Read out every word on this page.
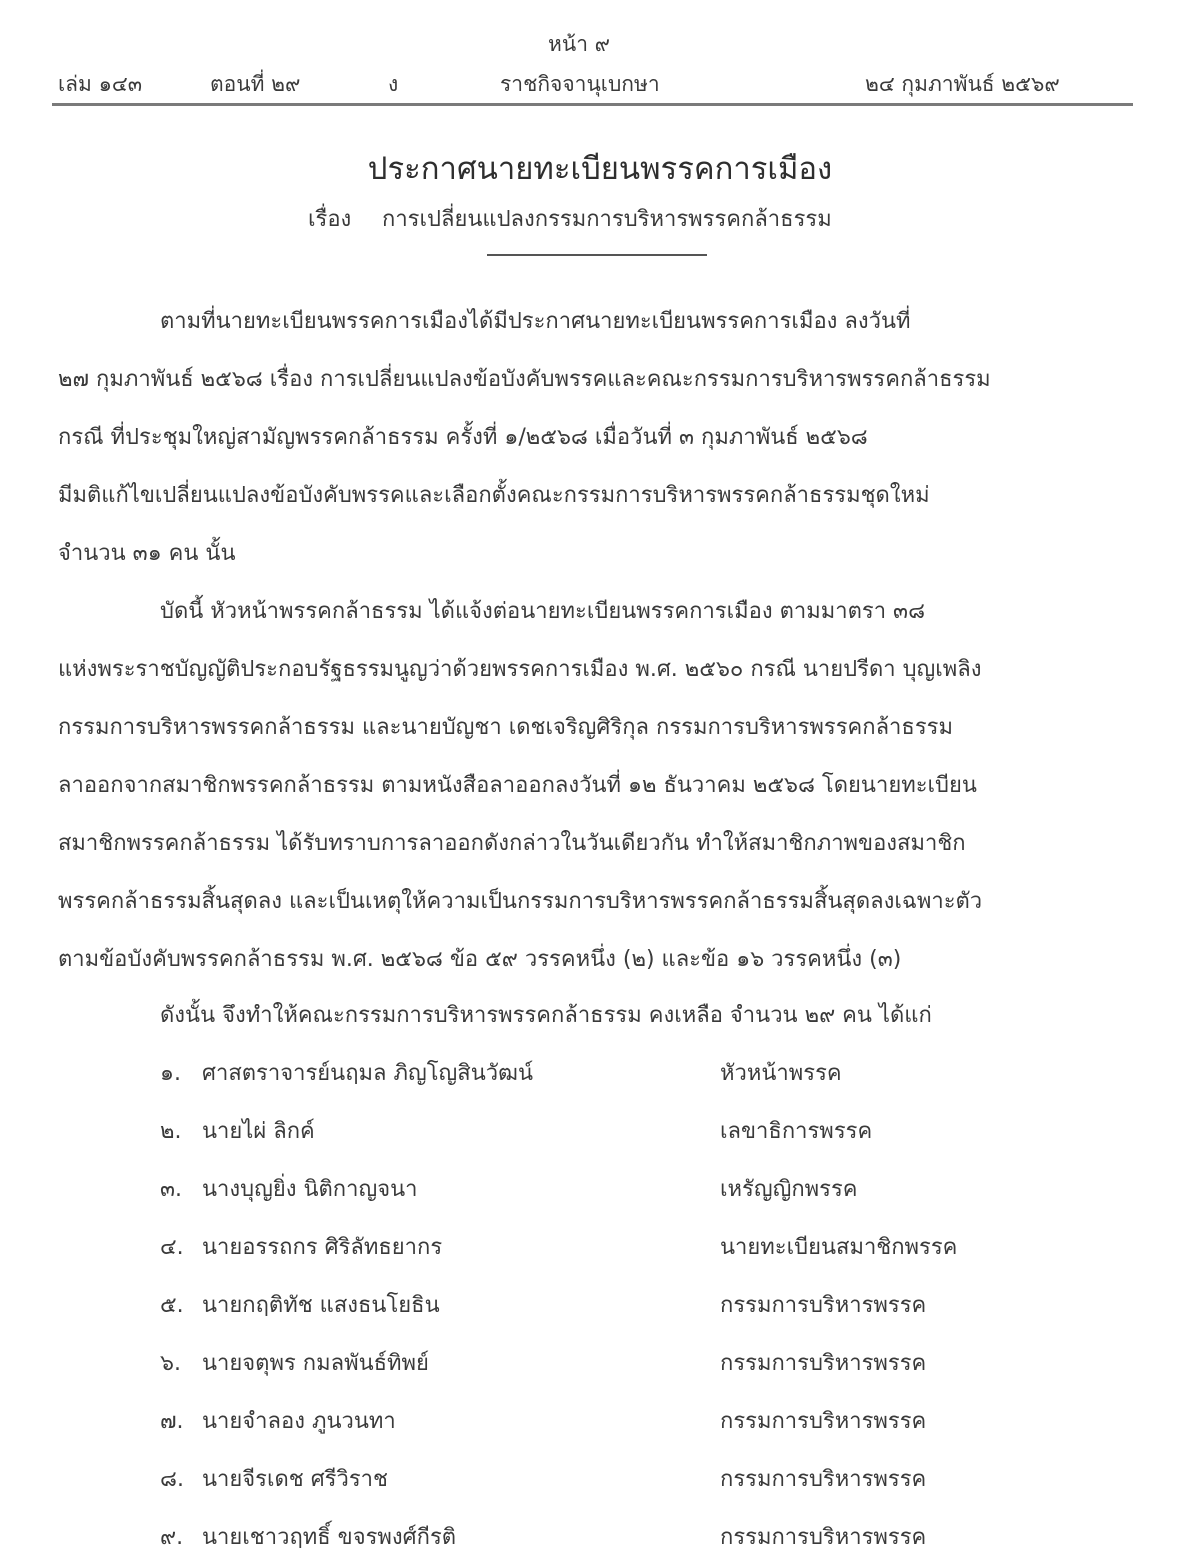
หน้า ๙
เล่ม ๑๔๓	ตอนที่ ๒๙	ง	ราชกิจจานุเบกษา	๒๔ กุมภาพันธ์ ๒๕๖๙
ประกาศนายทะเบียนพรรคการเมือง
เรื่อง การเปลี่ยนแปลงกรรมการบริหารพรรคกล้าธรรม
ตามที่นายทะเบียนพรรคการเมืองได้มีประกาศนายทะเบียนพรรคการเมือง ลงวันที่
๒๗ กุมภาพันธ์ ๒๕๖๘ เรื่อง การเปลี่ยนแปลงข้อบังคับพรรคและคณะกรรมการบริหารพรรคกล้าธรรม
กรณี ที่ประชุมใหญ่สามัญพรรคกล้าธรรม ครั้งที่ ๑/๒๕๖๘ เมื่อวันที่ ๓ กุมภาพันธ์ ๒๕๖๘
มีมติแก้ไขเปลี่ยนแปลงข้อบังคับพรรคและเลือกตั้งคณะกรรมการบริหารพรรคกล้าธรรมชุดใหม่
จำนวน ๓๑ คน นั้น
บัดนี้ หัวหน้าพรรคกล้าธรรม ได้แจ้งต่อนายทะเบียนพรรคการเมือง ตามมาตรา ๓๘
แห่งพระราชบัญญัติประกอบรัฐธรรมนูญว่าด้วยพรรคการเมือง พ.ศ. ๒๕๖๐ กรณี นายปรีดา บุญเพลิง
กรรมการบริหารพรรคกล้าธรรม และนายบัญชา เดชเจริญศิริกุล กรรมการบริหารพรรคกล้าธรรม
ลาออกจากสมาชิกพรรคกล้าธรรม ตามหนังสือลาออกลงวันที่ ๑๒ ธันวาคม ๒๕๖๘ โดยนายทะเบียน
สมาชิกพรรคกล้าธรรม ได้รับทราบการลาออกดังกล่าวในวันเดียวกัน ทำให้สมาชิกภาพของสมาชิก
พรรคกล้าธรรมสิ้นสุดลง และเป็นเหตุให้ความเป็นกรรมการบริหารพรรคกล้าธรรมสิ้นสุดลงเฉพาะตัว
ตามข้อบังคับพรรคกล้าธรรม พ.ศ. ๒๕๖๘ ข้อ ๕๙ วรรคหนึ่ง (๒) และข้อ ๑๖ วรรคหนึ่ง (๓)
ดังนั้น จึงทำให้คณะกรรมการบริหารพรรคกล้าธรรม คงเหลือ จำนวน ๒๙ คน ได้แก่
๑. ศาสตราจารย์นฤมล ภิญโญสินวัฒน์	หัวหน้าพรรค
๒. นายไผ่ ลิกค์	เลขาธิการพรรค
๓. นางบุญยิ่ง นิติกาญจนา	เหรัญญิกพรรค
๔. นายอรรถกร ศิริลัทธยากร	นายทะเบียนสมาชิกพรรค
๕. นายกฤติทัช แสงธนโยธิน	กรรมการบริหารพรรค
๖. นายจตุพร กมลพันธ์ทิพย์	กรรมการบริหารพรรค
๗. นายจำลอง ภูนวนทา	กรรมการบริหารพรรค
๘. นายจีรเดช ศรีวิราช	กรรมการบริหารพรรค
๙. นายเชาวฤทธิ์ ขจรพงศ์กีรติ	กรรมการบริหารพรรค
